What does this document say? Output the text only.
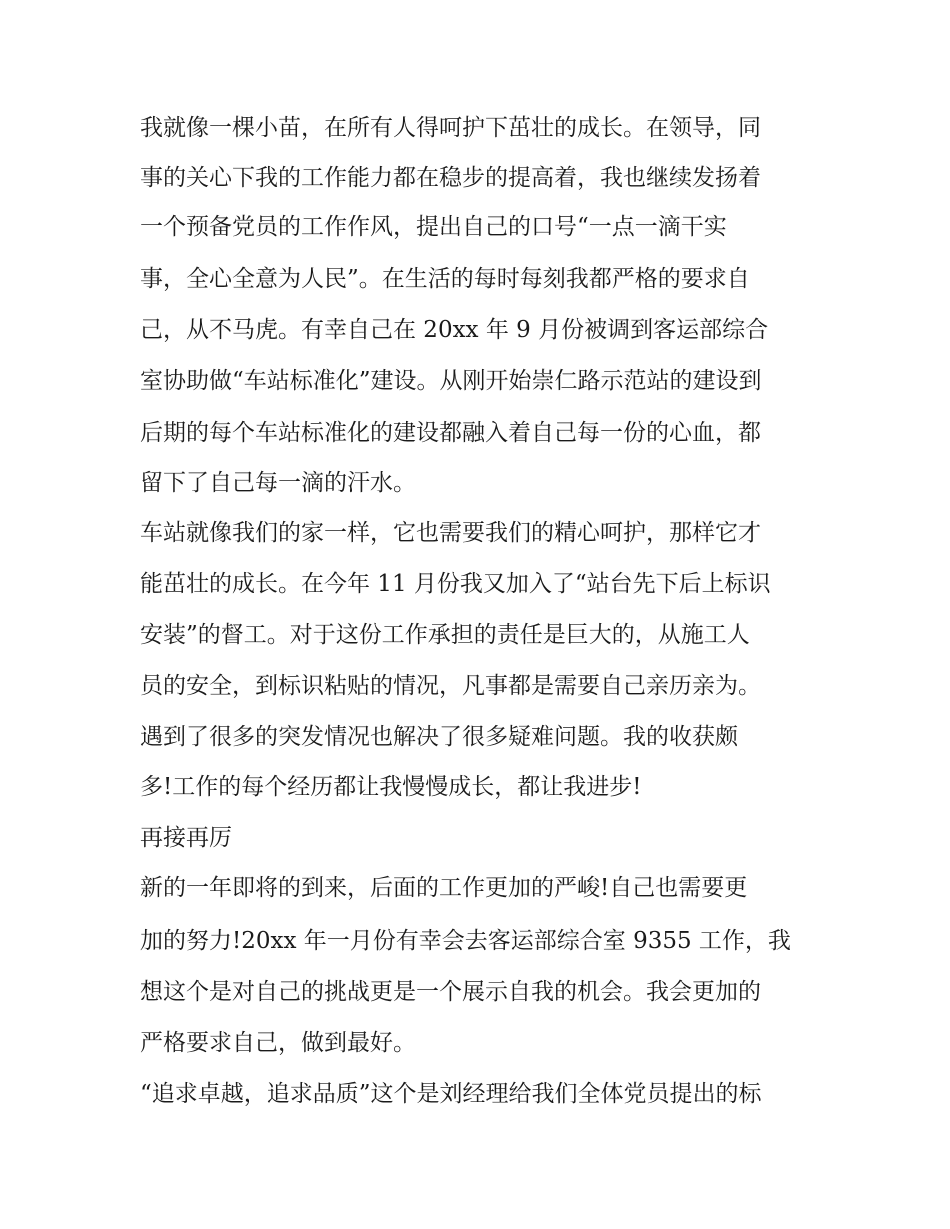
我就像一棵小苗，在所有人得呵护下茁壮的成长。在领导，同
事的关心下我的工作能力都在稳步的提高着，我也继续发扬着
一个预备党员的工作作风，提出自己的口号“一点一滴干实
事，全心全意为人民”。在生活的每时每刻我都严格的要求自
己，从不马虎。有幸自己在 20xx 年 9 月份被调到客运部综合
室协助做“车站标准化”建设。从刚开始崇仁路示范站的建设到
后期的每个车站标准化的建设都融入着自己每一份的心血，都
留下了自己每一滴的汗水。
车站就像我们的家一样，它也需要我们的精心呵护，那样它才
能茁壮的成长。在今年 11 月份我又加入了“站台先下后上标识
安装”的督工。对于这份工作承担的责任是巨大的，从施工人
员的安全，到标识粘贴的情况，凡事都是需要自己亲历亲为。
遇到了很多的突发情况也解决了很多疑难问题。我的收获颇
多!工作的每个经历都让我慢慢成长，都让我进步!
再接再厉
新的一年即将的到来，后面的工作更加的严峻!自己也需要更
加的努力!20xx 年一月份有幸会去客运部综合室 9355 工作，我
想这个是对自己的挑战更是一个展示自我的机会。我会更加的
严格要求自己，做到最好。
“追求卓越，追求品质”这个是刘经理给我们全体党员提出的标
